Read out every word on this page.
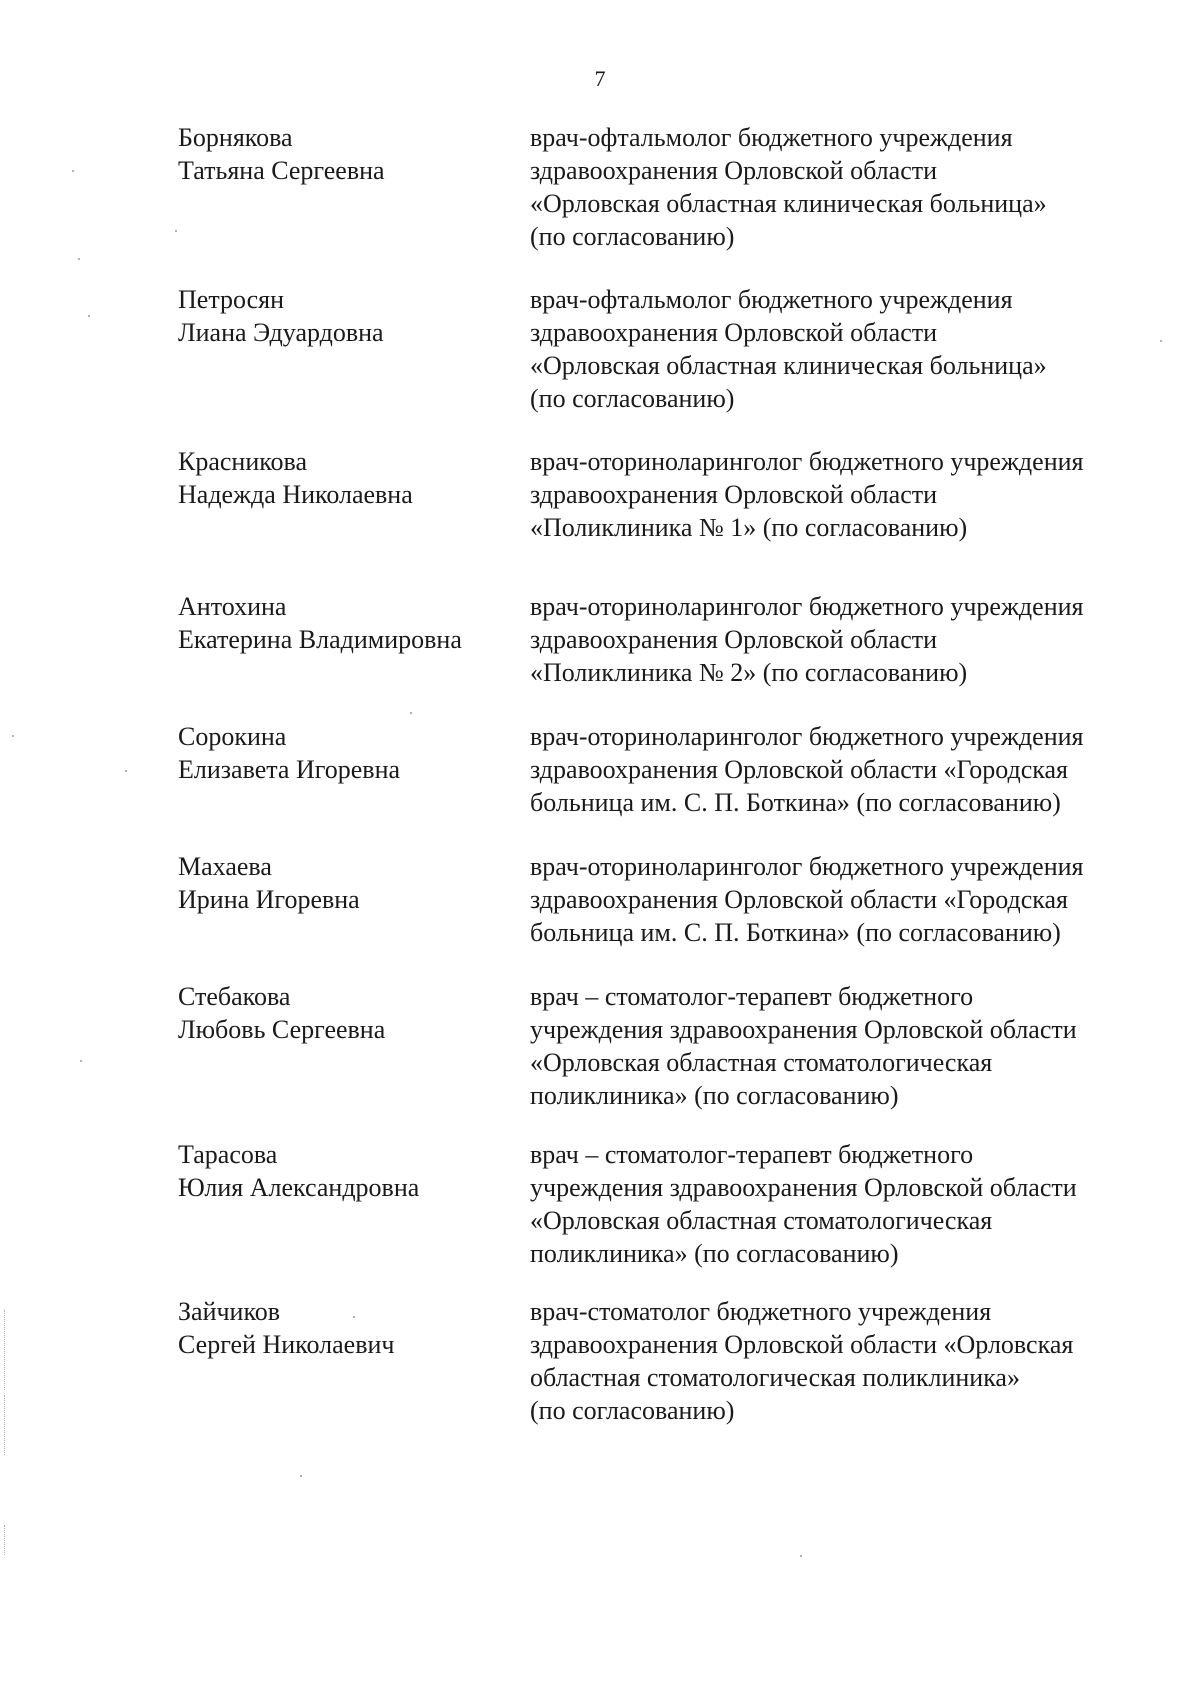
7
Борнякова
Татьяна Сергеевна
врач-офтальмолог бюджетного учреждения
здравоохранения Орловской области
«Орловская областная клиническая больница»
(по согласованию)
Петросян
Лиана Эдуардовна
врач-офтальмолог бюджетного учреждения
здравоохранения Орловской области
«Орловская областная клиническая больница»
(по согласованию)
Красникова
Надежда Николаевна
врач-оториноларинголог бюджетного учреждения
здравоохранения Орловской области
«Поликлиника № 1» (по согласованию)
Антохина
Екатерина Владимировна
врач-оториноларинголог бюджетного учреждения
здравоохранения Орловской области
«Поликлиника № 2» (по согласованию)
Сорокина
Елизавета Игоревна
врач-оториноларинголог бюджетного учреждения
здравоохранения Орловской области «Городская
больница им. С. П. Боткина» (по согласованию)
Махаева
Ирина Игоревна
врач-оториноларинголог бюджетного учреждения
здравоохранения Орловской области «Городская
больница им. С. П. Боткина» (по согласованию)
Стебакова
Любовь Сергеевна
врач – стоматолог-терапевт бюджетного
учреждения здравоохранения Орловской области
«Орловская областная стоматологическая
поликлиника» (по согласованию)
Тарасова
Юлия Александровна
врач – стоматолог-терапевт бюджетного
учреждения здравоохранения Орловской области
«Орловская областная стоматологическая
поликлиника» (по согласованию)
Зайчиков
Сергей Николаевич
врач-стоматолог бюджетного учреждения
здравоохранения Орловской области «Орловская
областная стоматологическая поликлиника»
(по согласованию)
